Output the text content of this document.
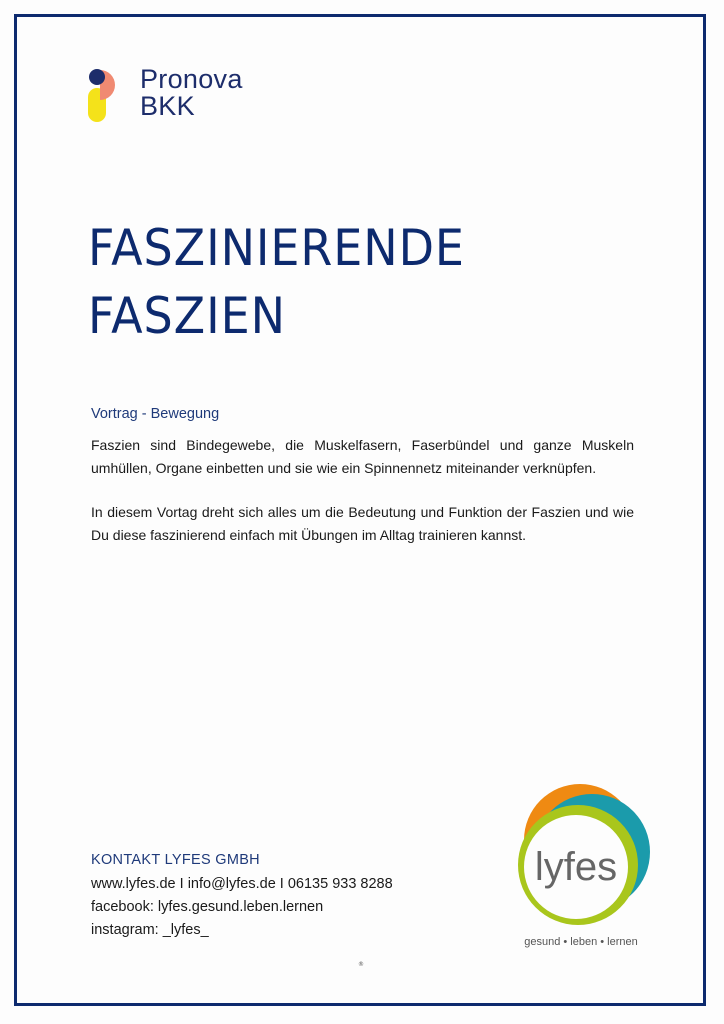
Pronova
BKK
FASZINIERENDE
FASZIEN
Vortrag - Bewegung
Faszien sind Bindegewebe, die Muskelfasern, Faserbündel und ganze Muskeln umhüllen, Organe einbetten und sie wie ein Spinnennetz miteinander verknüpfen.
In diesem Vortag dreht sich alles um die Bedeutung und Funktion der Faszien und wie Du diese faszinierend einfach mit Übungen im Alltag trainieren kannst.
KONTAKT LYFES GMBH
www.lyfes.de I info@lyfes.de I 06135 933 8288
facebook: lyfes.gesund.leben.lernen
instagram: _lyfes_
®
lyfes
gesund • leben • lernen
